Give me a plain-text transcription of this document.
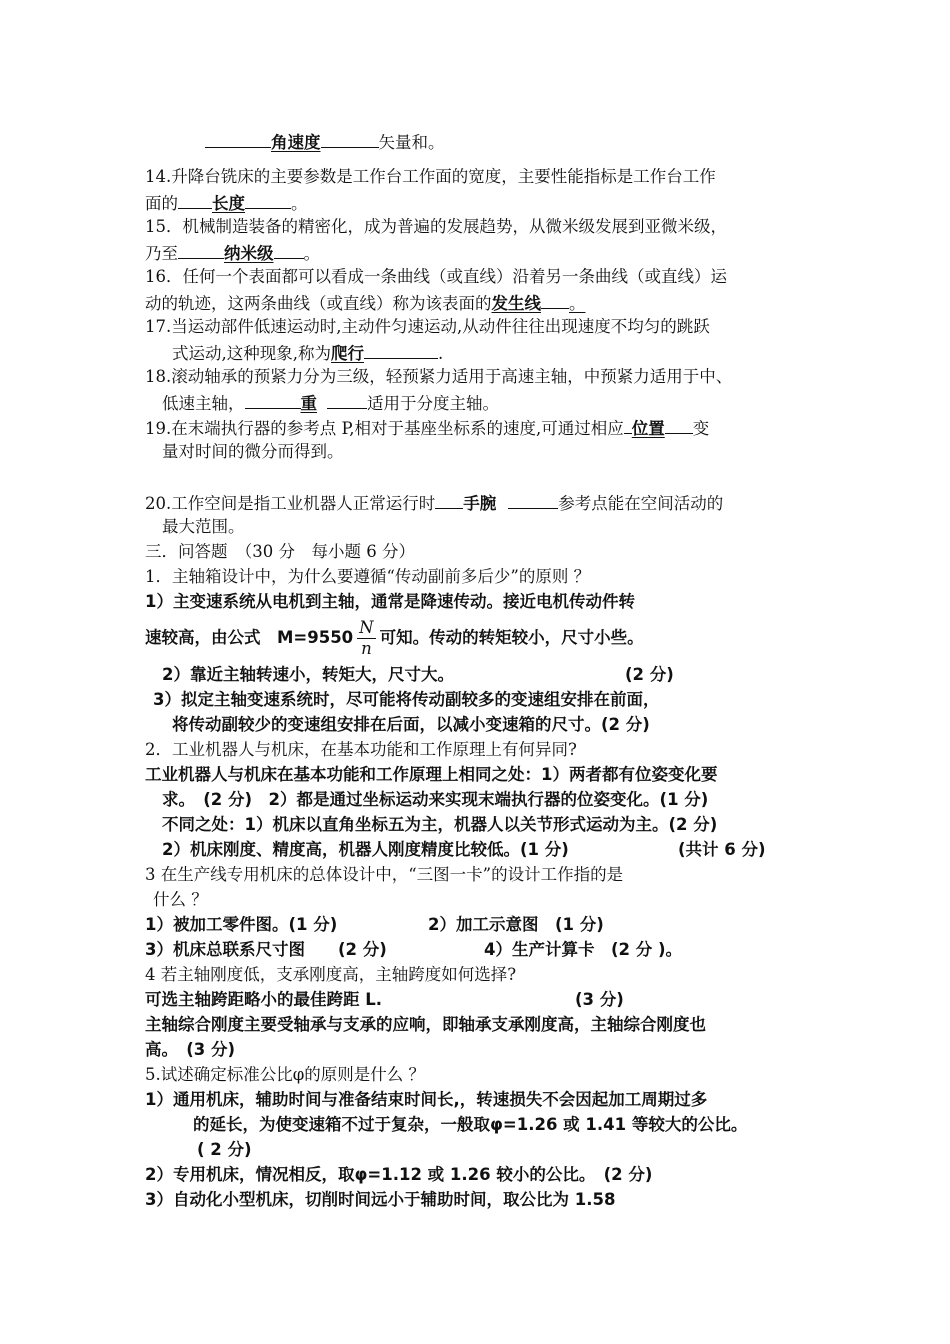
角速度	矢量和。
14.升降台铣床的主要参数是工作台工作面的宽度，主要性能指标是工作台工作
面的 长度	。
15．机械制造装备的精密化，成为普遍的发展趋势，从微米级发展到亚微米级，
乃至	纳米级 。
16．任何一个表面都可以看成一条曲线（或直线）沿着另一条曲线（或直线）运
动的轨迹，这两条曲线（或直线）称为该表面的发生线 。
17.当运动部件低速运动时,主动件匀速运动,从动件往往出现速度不均匀的跳跃
式运动,这种现象,称为爬行	.
18.滚动轴承的预紧力分为三级，轻预紧力适用于高速主轴，中预紧力适用于中、
低速主轴，	重	适用于分度主轴。
19.在末端执行器的参考点 P,相对于基座坐标系的速度,可通过相应 位置 变
量对时间的微分而得到。
20.工作空间是指工业机器人正常运行时 手腕	参考点能在空间活动的
最大范围。
三．问答题　（30 分　每小题 6 分）
1．主轴箱设计中，为什么要遵循“传动副前多后少”的原则 ？
1）主变速系统从电机到主轴，通常是降速传动。接近电机传动件转
速较高，由公式　$M=9550 \frac{N}{n}$ 可知。传动的转矩较小，尺寸小些。
2）靠近主轴转速小，转矩大，尺寸大。	(2 分)
3）拟定主轴变速系统时，尽可能将传动副较多的变速组安排在前面，
将传动副较少的变速组安排在后面，以减小变速箱的尺寸。(2 分)
2．工业机器人与机床，在基本功能和工作原理上有何异同?
工业机器人与机床在基本功能和工作原理上相同之处：1）两者都有位姿变化要
求。　(2 分)　2）都是通过坐标运动来实现末端执行器的位姿变化。(1 分)
不同之处：1）机床以直角坐标五为主，机器人以关节形式运动为主。(2 分)
2）机床刚度、精度高，机器人刚度精度比较低。(1 分)	(共计 6 分)
3 在生产线专用机床的总体设计中，“三图一卡”的设计工作指的是
什么 ？
1）被加工零件图。(1 分)	2）加工示意图　(1 分)
3）机床总联系尺寸图　　(2 分)	4）生产计算卡　(2 分 )。
4 若主轴刚度低，支承刚度高，主轴跨度如何选择?
可选主轴跨距略小的最佳跨距 L.	(3 分)
主轴综合刚度主要受轴承与支承的应响，即轴承支承刚度高，主轴综合刚度也
高。　(3 分)
5.试述确定标准公比φ的原则是什么 ？
1）通用机床，辅助时间与准备结束时间长,，转速损失不会因起加工周期过多
的延长，为使变速箱不过于复杂，一般取φ=1.26 或 1.41 等较大的公比。
( 2 分)
2）专用机床，情况相反，取φ=1.12 或 1.26 较小的公比。　(2 分)
3）自动化小型机床，切削时间远小于辅助时间，取公比为 1.58
